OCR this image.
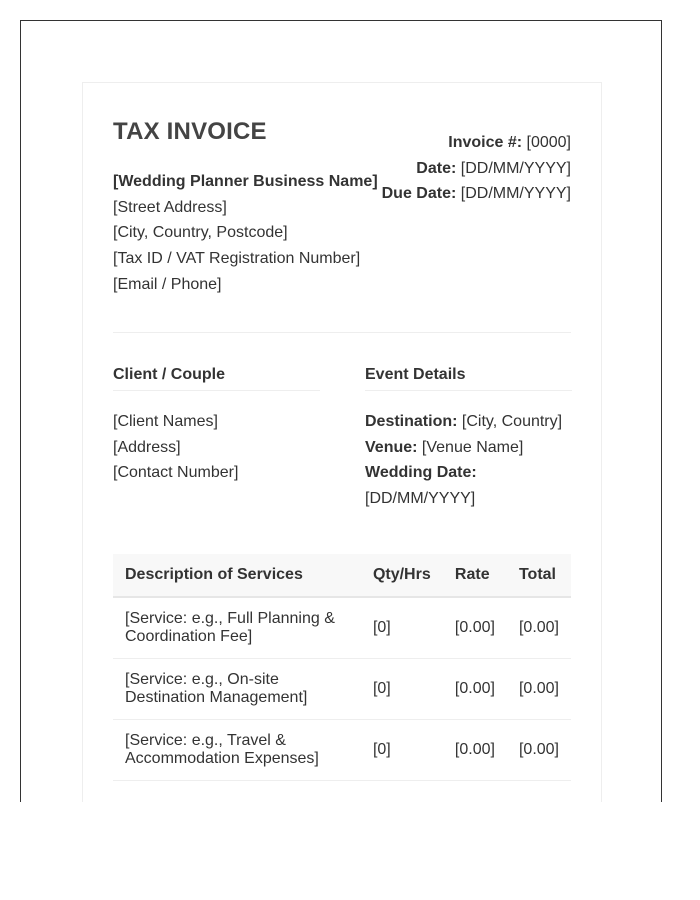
TAX INVOICE
[Wedding Planner Business Name]
[Street Address]
[City, Country, Postcode]
[Tax ID / VAT Registration Number]
[Email / Phone]
Invoice #: [0000]
Date: [DD/MM/YYYY]
Due Date: [DD/MM/YYYY]
Client / Couple
[Client Names]
[Address]
[Contact Number]
Event Details
Destination: [City, Country]
Venue: [Venue Name]
Wedding Date: [DD/MM/YYYY]
Description of Services	Qty/Hrs	Rate	Total
[Service: e.g., Full Planning & Coordination Fee]	[0]	[0.00]	[0.00]
[Service: e.g., On-site Destination Management]	[0]	[0.00]	[0.00]
[Service: e.g., Travel & Accommodation Expenses]	[0]	[0.00]	[0.00]
